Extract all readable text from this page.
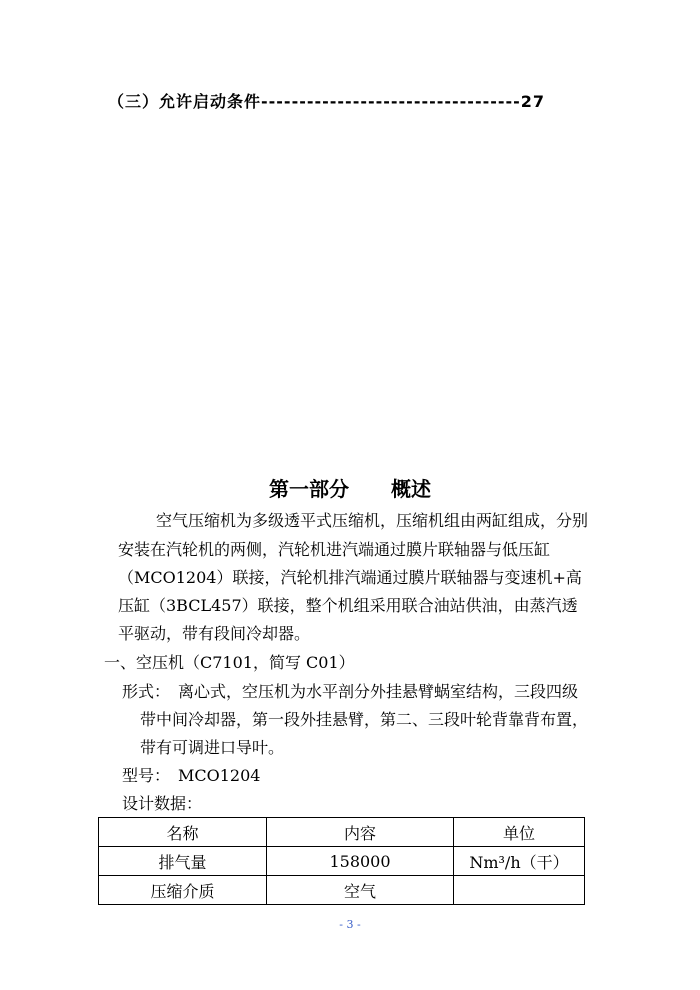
（三）允许启动条件----------------------------------27
第一部分 概述
空气压缩机为多级透平式压缩机，压缩机组由两缸组成，分别
安装在汽轮机的两侧，汽轮机进汽端通过膜片联轴器与低压缸
（MCO1204）联接，汽轮机排汽端通过膜片联轴器与变速机+高
压缸（3BCL457）联接，整个机组采用联合油站供油，由蒸汽透
平驱动，带有段间冷却器。
一、空压机（C7101，简写 C01）
形式：　离心式，空压机为水平剖分外挂悬臂蜗室结构，三段四级
带中间冷却器，第一段外挂悬臂，第二、三段叶轮背靠背布置，
带有可调进口导叶。
型号：　MCO1204
设计数据：
名称	内容	单位
排气量	158000	Nm³/h（干）
压缩介质	空气	
- 3 -
